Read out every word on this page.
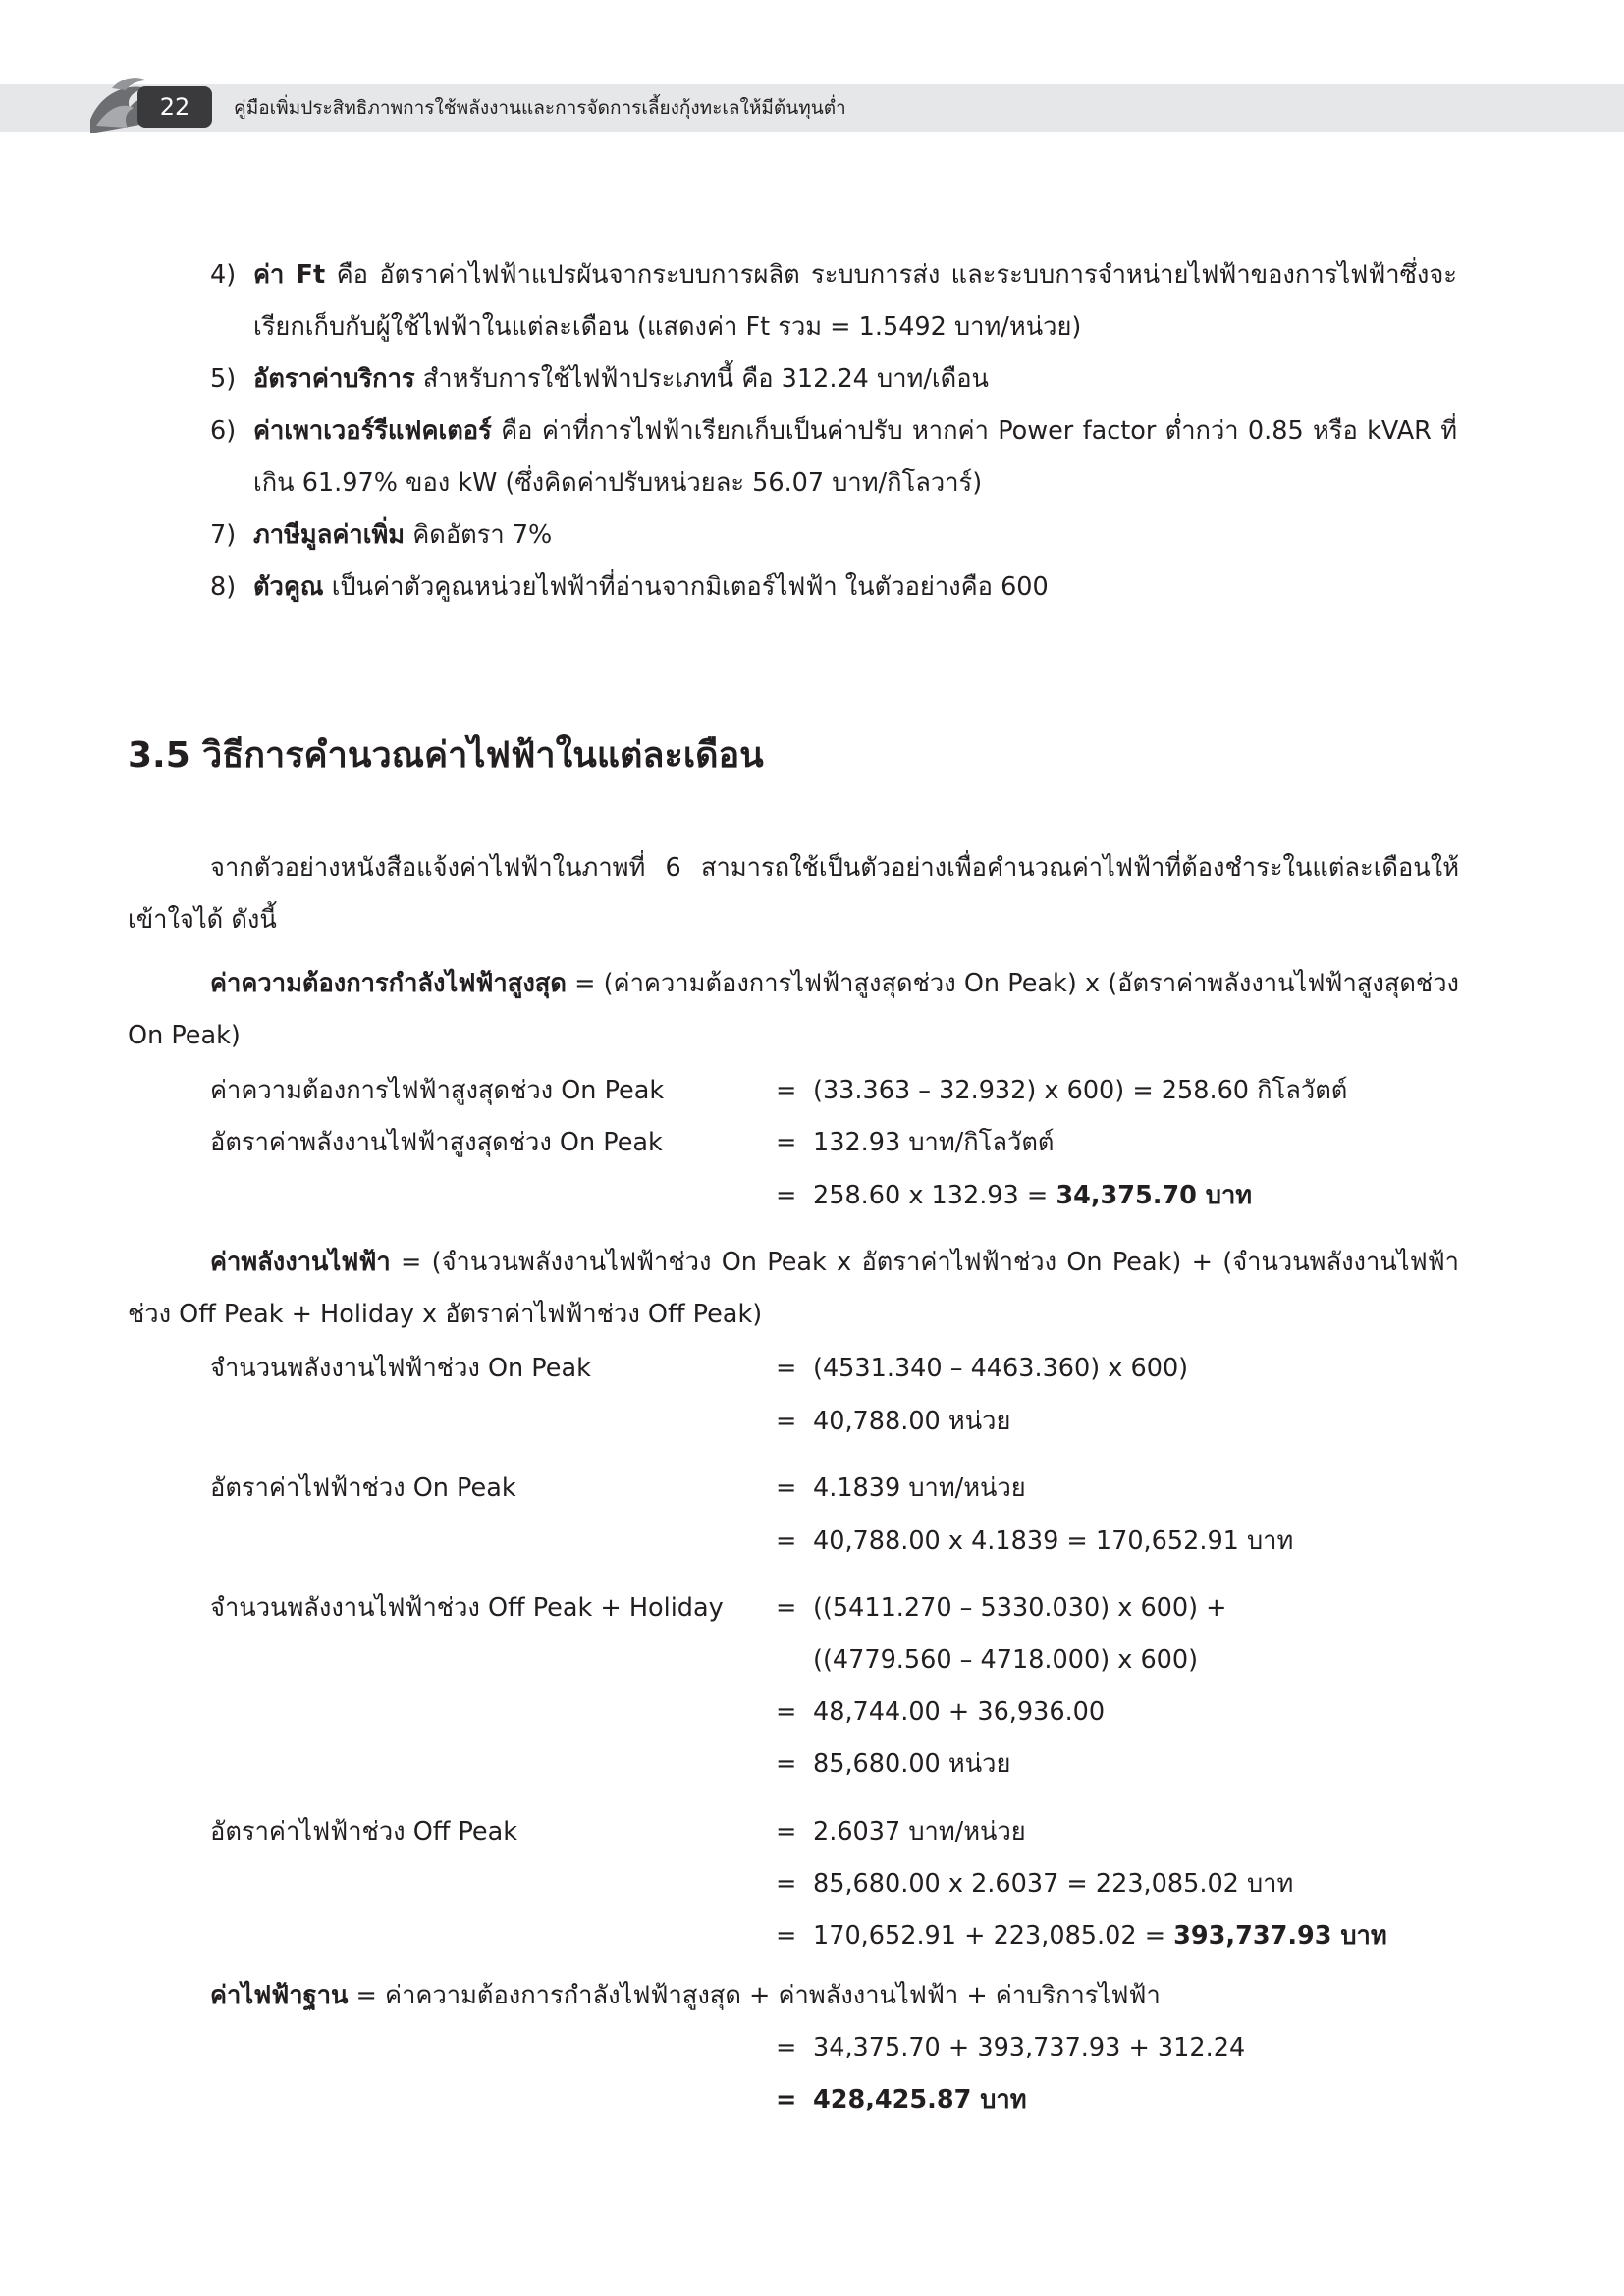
22	คู่มือเพิ่มประสิทธิภาพการใช้พลังงานและการจัดการเลี้ยงกุ้งทะเลให้มีต้นทุนต่ำ
4) ค่า Ft คือ อัตราค่าไฟฟ้าแปรผันจากระบบการผลิต ระบบการส่ง และระบบการจำหน่ายไฟฟ้าของการไฟฟ้าซึ่งจะเรียกเก็บกับผู้ใช้ไฟฟ้าในแต่ละเดือน (แสดงค่า Ft รวม = 1.5492 บาท/หน่วย)
5) อัตราค่าบริการ สำหรับการใช้ไฟฟ้าประเภทนี้ คือ 312.24 บาท/เดือน
6) ค่าเพาเวอร์รีแฟคเตอร์ คือ ค่าที่การไฟฟ้าเรียกเก็บเป็นค่าปรับ หากค่า Power factor ต่ำกว่า 0.85 หรือ kVAR ที่เกิน 61.97% ของ kW (ซึ่งคิดค่าปรับหน่วยละ 56.07 บาท/กิโลวาร์)
7) ภาษีมูลค่าเพิ่ม คิดอัตรา 7%
8) ตัวคูณ เป็นค่าตัวคูณหน่วยไฟฟ้าที่อ่านจากมิเตอร์ไฟฟ้า ในตัวอย่างคือ 600
3.5 วิธีการคำนวณค่าไฟฟ้าในแต่ละเดือน
จากตัวอย่างหนังสือแจ้งค่าไฟฟ้าในภาพที่ 6 สามารถใช้เป็นตัวอย่างเพื่อคำนวณค่าไฟฟ้าที่ต้องชำระในแต่ละเดือนให้เข้าใจได้ ดังนี้
ค่าความต้องการกำลังไฟฟ้าสูงสุด = (ค่าความต้องการไฟฟ้าสูงสุดช่วง On Peak) x (อัตราค่าพลังงานไฟฟ้าสูงสุดช่วง On Peak)
ค่าความต้องการไฟฟ้าสูงสุดช่วง On Peak	= (33.363 – 32.932) x 600) = 258.60 กิโลวัตต์
อัตราค่าพลังงานไฟฟ้าสูงสุดช่วง On Peak	= 132.93 บาท/กิโลวัตต์
= 258.60 x 132.93 = 34,375.70 บาท
ค่าพลังงานไฟฟ้า = (จำนวนพลังงานไฟฟ้าช่วง On Peak x อัตราค่าไฟฟ้าช่วง On Peak) + (จำนวนพลังงานไฟฟ้าช่วง Off Peak + Holiday x อัตราค่าไฟฟ้าช่วง Off Peak)
จำนวนพลังงานไฟฟ้าช่วง On Peak	= (4531.340 – 4463.360) x 600)
= 40,788.00 หน่วย
อัตราค่าไฟฟ้าช่วง On Peak	= 4.1839 บาท/หน่วย
= 40,788.00 x 4.1839 = 170,652.91 บาท
จำนวนพลังงานไฟฟ้าช่วง Off Peak + Holiday = ((5411.270 – 5330.030) x 600) +
((4779.560 – 4718.000) x 600)
= 48,744.00 + 36,936.00
= 85,680.00 หน่วย
อัตราค่าไฟฟ้าช่วง Off Peak	= 2.6037 บาท/หน่วย
= 85,680.00 x 2.6037 = 223,085.02 บาท
= 170,652.91 + 223,085.02 = 393,737.93 บาท
ค่าไฟฟ้าฐาน = ค่าความต้องการกำลังไฟฟ้าสูงสุด + ค่าพลังงานไฟฟ้า + ค่าบริการไฟฟ้า
= 34,375.70 + 393,737.93 + 312.24
= 428,425.87 บาท
